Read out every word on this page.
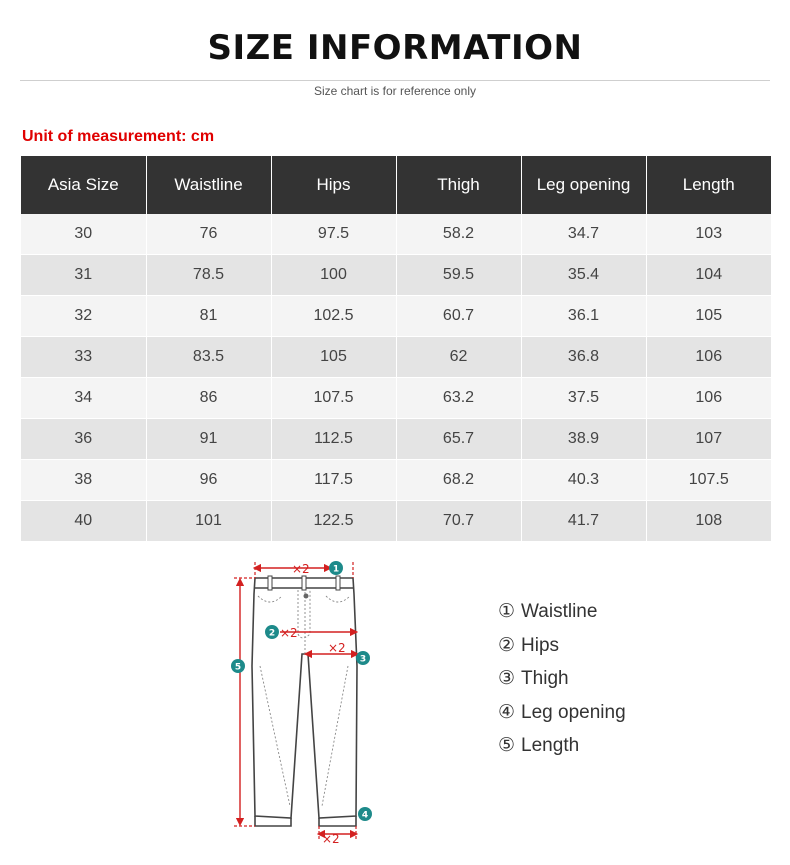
SIZE INFORMATION
Size chart is for reference only
Unit of measurement: cm
Asia Size	Waistline	Hips	Thigh	Leg opening	Length
30	76	97.5	58.2	34.7	103
31	78.5	100	59.5	35.4	104
32	81	102.5	60.7	36.1	105
33	83.5	105	62	36.8	106
34	86	107.5	63.2	37.5	106
36	91	112.5	65.7	38.9	107
38	96	117.5	68.2	40.3	107.5
40	101	122.5	70.7	41.7	108
×2
×2
×2
×2
1
2
3
4
5
① Waistline
② Hips
③ Thigh
④ Leg opening
⑤ Length
